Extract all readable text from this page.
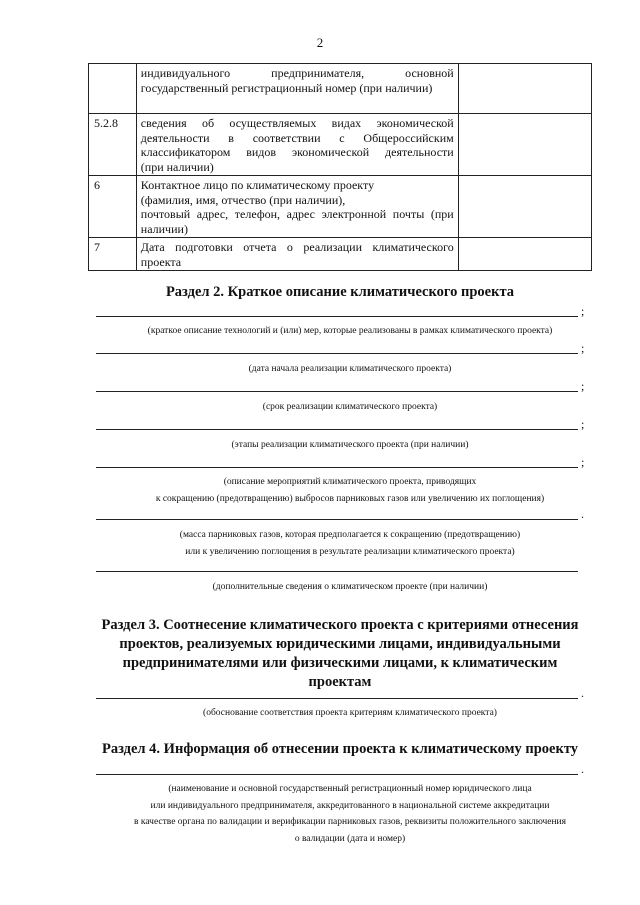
2

	индивидуального предпринимателя, основной
государственный регистрационный номер (при наличии)	

5.2.8	сведения об осуществляемых видах экономической
деятельности в соответствии с Общероссийским
классификатором видов экономической деятельности
(при наличии)	

6	Контактное лицо по климатическому проекту
(фамилия, имя, отчество (при наличии),
почтовый адрес, телефон, адрес электронной почты (при
наличии)	

7	Дата подготовки отчета о реализации климатического
проекта	

Раздел 2. Краткое описание климатического проекта
;
(краткое описание технологий и (или) мер, которые реализованы в рамках климатического проекта)
;
(дата начала реализации климатического проекта)
;
(срок реализации климатического проекта)
;
(этапы реализации климатического проекта (при наличии)
;
(описание мероприятий климатического проекта, приводящих
к сокращению (предотвращению) выбросов парниковых газов или увеличению их поглощения)
.
(масса парниковых газов, которая предполагается к сокращению (предотвращению)
или к увеличению поглощения в результате реализации климатического проекта)
(дополнительные сведения о климатическом проекте (при наличии)
Раздел 3. Соотнесение климатического проекта с критериями отнесения
проектов, реализуемых юридическими лицами, индивидуальными
предпринимателями или физическими лицами, к климатическим
проектам
.
(обоснование соответствия проекта критериям климатического проекта)
Раздел 4. Информация об отнесении проекта к климатическому проекту
.
(наименование и основной государственный регистрационный номер юридического лица
или индивидуального предпринимателя, аккредитованного в национальной системе аккредитации
в качестве органа по валидации и верификации парниковых газов, реквизиты положительного заключения
о валидации (дата и номер)
